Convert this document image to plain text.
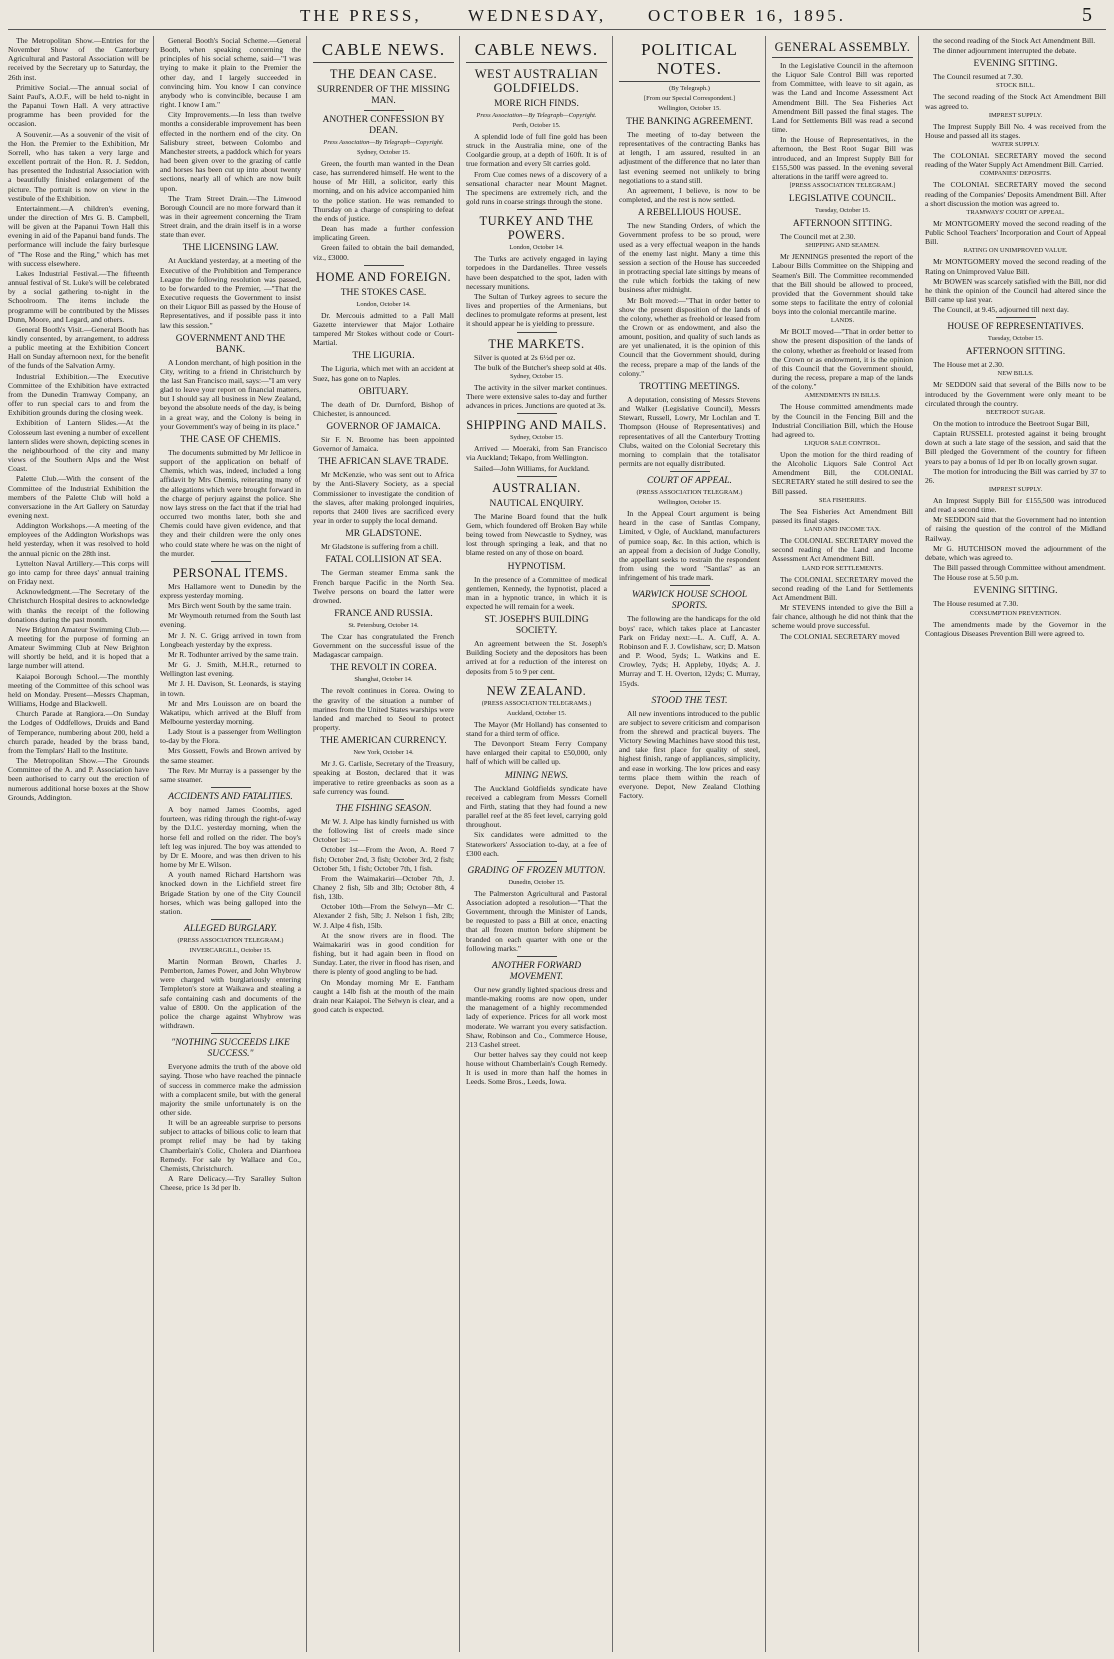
THE PRESS,	WEDNESDAY, OCTOBER 16, 1895.	5

The Metropolitan Show.—Entries for the November Show of the Canterbury Agricultural and Pastoral Association will be received by the Secretary up to Saturday, the 26th inst.

Primitive Social.—The annual social of Saint Paul's, A.O.F., will be held to-night in the Papanui Town Hall. A very attractive programme has been provided for the occasion.

A Souvenir.—As a souvenir of the visit of the Hon. the Premier to the Exhibition, Mr Sorrell, who has taken a very large and excellent portrait of the Hon. R. J. Seddon, has presented the Industrial Association with a beautifully finished enlargement of the picture. The portrait is now on view in the vestibule of the Exhibition.

Entertainment.—A children's evening, under the direction of Mrs G. B. Campbell, will be given at the Papanui Town Hall this evening in aid of the Papanui band funds. The performance will include the fairy burlesque of "The Rose and the Ring," which has met with success elsewhere.

Lakes Industrial Festival.—The fifteenth annual festival of St. Luke's will be celebrated by a social gathering to-night in the Schoolroom. The items include the programme will be contributed by the Misses Dunn, Moore, and Legard, and others.

General Booth's Visit.—General Booth has kindly consented, by arrangement, to address a public meeting at the Exhibition Concert Hall on Sunday afternoon next, for the benefit of the funds of the Salvation Army.

Industrial Exhibition.—The Executive Committee of the Exhibition have extracted from the Dunedin Tramway Company, an offer to run special cars to and from the Exhibition grounds during the closing week.

Exhibition of Lantern Slides.—At the Colosseum last evening a number of excellent lantern slides were shown, depicting scenes in the neighbourhood of the city and many views of the Southern Alps and the West Coast.

Palette Club.—With the consent of the Committee of the Industrial Exhibition the members of the Palette Club will hold a conversazione in the Art Gallery on Saturday evening next.

Addington Workshops.—A meeting of the employees of the Addington Workshops was held yesterday, when it was resolved to hold the annual picnic on the 28th inst.

Lyttelton Naval Artillery.—This corps will go into camp for three days' annual training on Friday next.

Acknowledgment.—The Secretary of the Christchurch Hospital desires to acknowledge with thanks the receipt of the following donations during the past month.

New Brighton Amateur Swimming Club.—A meeting for the purpose of forming an Amateur Swimming Club at New Brighton will shortly be held, and it is hoped that a large number will attend.

Kaiapoi Borough School.—The monthly meeting of the Committee of this school was held on Monday. Present—Messrs Chapman, Williams, Hodge and Blackwell.

Church Parade at Rangiora.—On Sunday the Lodges of Oddfellows, Druids and Band of Temperance, numbering about 200, held a church parade, headed by the brass band, from the Templars' Hall to the Institute.

The Metropolitan Show.—The Grounds Committee of the A. and P. Association have been authorised to carry out the erection of numerous additional horse boxes at the Show Grounds, Addington.

General Booth's Social Scheme.—General Booth, when speaking concerning the principles of his social scheme, said—"I was trying to make it plain to the Premier the other day, and I largely succeeded in convincing him. You know I can convince anybody who is convincible, because I am right. I know I am."

City Improvements.—In less than twelve months a considerable improvement has been effected in the northern end of the city. On Salisbury street, between Colombo and Manchester streets, a paddock which for years had been given over to the grazing of cattle and horses has been cut up into about twenty sections, nearly all of which are now built upon.

The Tram Street Drain.—The Linwood Borough Council are no more forward than it was in their agreement concerning the Tram Street drain, and the drain itself is in a worse state than ever.

THE LICENSING LAW.

At Auckland yesterday, at a meeting of the Executive of the Prohibition and Temperance League the following resolution was passed, to be forwarded to the Premier, —"That the Executive requests the Government to insist on their Liquor Bill as passed by the House of Representatives, and if possible pass it into law this session."

GOVERNMENT AND THE BANK.

A London merchant, of high position in the City, writing to a friend in Christchurch by the last San Francisco mail, says:—"I am very glad to leave your report on financial matters, but I should say all business in New Zealand, beyond the absolute needs of the day, is being in a great way, and the Colony is being in your Government's way of being in its place."

THE CASE OF CHEMIS.

The documents submitted by Mr Jellicoe in support of the application on behalf of Chemis, which was, indeed, included a long affidavit by Mrs Chemis, reiterating many of the allegations which were brought forward in the charge of perjury against the police. She now lays stress on the fact that if the trial had occurred two months later, both she and Chemis could have given evidence, and that they and their children were the only ones who could state where he was on the night of the murder.

PERSONAL ITEMS.

Mrs Hallamore went to Dunedin by the express yesterday morning.

Mrs Birch went South by the same train.

Mr Weymouth returned from the South last evening.

Mr J. N. C. Grigg arrived in town from Longbeach yesterday by the express.

Mr R. Todhunter arrived by the same train.

Mr G. J. Smith, M.H.R., returned to Wellington last evening.

Mr J. H. Davison, St. Leonards, is staying in town.

Mr and Mrs Louisson are on board the Wakatipu, which arrived at the Bluff from Melbourne yesterday morning.

Lady Stout is a passenger from Wellington to-day by the Flora.

Mrs Gossett, Fowls and Brown arrived by the same steamer.

The Rev. Mr Murray is a passenger by the same steamer.

ACCIDENTS AND FATALITIES.

A boy named James Coombs, aged fourteen, was riding through the right-of-way by the D.I.C. yesterday morning, when the horse fell and rolled on the rider. The boy's left leg was injured. The boy was attended to by Dr E. Moore, and was then driven to his home by Mr E. Wilson.

A youth named Richard Hartshorn was knocked down in the Lichfield street fire Brigade Station by one of the City Council horses, which was being galloped into the station.

ALLEGED BURGLARY.
(PRESS ASSOCIATION TELEGRAM.)
INVERCARGILL, October 15.

Martin Norman Brown, Charles J. Pemberton, James Power, and John Whybrow were charged with burglariously entering Templeton's store at Waikawa and stealing a safe containing cash and documents of the value of £800. On the application of the police the charge against Whybrow was withdrawn.

"NOTHING SUCCEEDS LIKE SUCCESS."

Everyone admits the truth of the above old saying. Those who have reached the pinnacle of success in commerce make the admission with a complacent smile, but with the general majority the smile unfortunately is on the other side.

It will be an agreeable surprise to persons subject to attacks of bilious colic to learn that prompt relief may be had by taking Chamberlain's Colic, Cholera and Diarrhoea Remedy. For sale by Wallace and Co., Chemists, Christchurch.

A Rare Delicacy.—Try Saralley Sulton Cheese, price 1s 3d per lb.

CABLE NEWS.
THE DEAN CASE.
SURRENDER OF THE MISSING MAN.
ANOTHER CONFESSION BY DEAN.
Press Association—By Telegraph—Copyright.
Sydney, October 15.

Green, the fourth man wanted in the Dean case, has surrendered himself. He went to the house of Mr Hill, a solicitor, early this morning, and on his advice accompanied him to the police station. He was remanded to Thursday on a charge of conspiring to defeat the ends of justice.

Dean has made a further confession implicating Green.

Green failed to obtain the bail demanded, viz., £3000.

HOME AND FOREIGN.
THE STOKES CASE.
London, October 14.

Dr. Mercouis admitted to a Pall Mall Gazette interviewer that Major Lothaire tampered Mr Stokes without code or Court-Martial.

THE LIGURIA.

The Liguria, which met with an accident at Suez, has gone on to Naples.

OBITUARY.

The death of Dr. Durnford, Bishop of Chichester, is announced.

GOVERNOR OF JAMAICA.

Sir F. N. Broome has been appointed Governor of Jamaica.

THE AFRICAN SLAVE TRADE.

Mr McKenzie, who was sent out to Africa by the Anti-Slavery Society, as a special Commissioner to investigate the condition of the slaves, after making prolonged inquiries, reports that 2400 lives are sacrificed every year in order to supply the local demand.

MR GLADSTONE.

Mr Gladstone is suffering from a chill.

FATAL COLLISION AT SEA.

The German steamer Emma sank the French barque Pacific in the North Sea. Twelve persons on board the latter were drowned.

FRANCE AND RUSSIA.
St. Petersburg, October 14.

The Czar has congratulated the French Government on the successful issue of the Madagascar campaign.

THE REVOLT IN COREA.
Shanghai, October 14.

The revolt continues in Corea. Owing to the gravity of the situation a number of marines from the United States warships were landed and marched to Seoul to protect property.

THE AMERICAN CURRENCY.
New York, October 14.

Mr J. G. Carlisle, Secretary of the Treasury, speaking at Boston, declared that it was imperative to retire greenbacks as soon as a safe currency was found.

THE FISHING SEASON.

Mr W. J. Alpe has kindly furnished us with the following list of creels made since October 1st:—

October 1st—From the Avon, A. Reed 7 fish; October 2nd, 3 fish; October 3rd, 2 fish; October 5th, 1 fish; October 7th, 1 fish.

From the Waimakariri—October 7th, J. Chaney 2 fish, 5lb and 3lb; October 8th, 4 fish, 13lb.

October 10th—From the Selwyn—Mr C. Alexander 2 fish, 5lb; J. Nelson 1 fish, 2lb; W. J. Alpe 4 fish, 15lb.

At the snow rivers are in flood. The Waimakariri was in good condition for fishing, but it had again been in flood on Sunday. Later, the river in flood has risen, and there is plenty of good angling to be had.

On Monday morning Mr E. Fantham caught a 14lb fish at the mouth of the main drain near Kaiapoi. The Selwyn is clear, and a good catch is expected.

CABLE NEWS.
WEST AUSTRALIAN GOLDFIELDS.
MORE RICH FINDS.
Press Association—By Telegraph—Copyright.
Perth, October 15.

A splendid lode of full fine gold has been struck in the Australia mine, one of the Coolgardie group, at a depth of 160ft. It is of true formation and every 5lt carries gold.

From Cue comes news of a discovery of a sensational character near Mount Magnet. The specimens are extremely rich, and the gold runs in coarse strings through the stone.

TURKEY AND THE POWERS.
London, October 14.

The Turks are actively engaged in laying torpedoes in the Dardanelles. Three vessels have been despatched to the spot, laden with necessary munitions.

The Sultan of Turkey agrees to secure the lives and properties of the Armenians, but declines to promulgate reforms at present, lest it should appear he is yielding to pressure.

THE MARKETS.

Silver is quoted at 2s 6½d per oz.

The bulk of the Butcher's sheep sold at 40s.

Sydney, October 15.

The activity in the silver market continues. There were extensive sales to-day and further advances in prices. Junctions are quoted at 3s.

SHIPPING AND MAILS.
Sydney, October 15.

Arrived — Moeraki, from San Francisco via Auckland; Tekapo, from Wellington.

Sailed—John Williams, for Auckland.

AUSTRALIAN.
NAUTICAL ENQUIRY.

The Marine Board found that the hulk Gem, which foundered off Broken Bay while being towed from Newcastle to Sydney, was lost through springing a leak, and that no blame rested on any of those on board.

HYPNOTISM.

In the presence of a Committee of medical gentlemen, Kennedy, the hypnotist, placed a man in a hypnotic trance, in which it is expected he will remain for a week.

ST. JOSEPH'S BUILDING SOCIETY.

An agreement between the St. Joseph's Building Society and the depositors has been arrived at for a reduction of the interest on deposits from 5 to 9 per cent.

NEW ZEALAND.
(PRESS ASSOCIATION TELEGRAMS.)
Auckland, October 15.

The Mayor (Mr Holland) has consented to stand for a third term of office.

The Devonport Steam Ferry Company have enlarged their capital to £50,000, only half of which will be called up.

MINING NEWS.

The Auckland Goldfields syndicate have received a cablegram from Messrs Cornell and Firth, stating that they had found a new parallel reef at the 85 feet level, carrying gold throughout.

Six candidates were admitted to the Stateworkers' Association to-day, at a fee of £300 each.

GRADING OF FROZEN MUTTON.
Dunedin, October 15.

The Palmerston Agricultural and Pastoral Association adopted a resolution—"That the Government, through the Minister of Lands, be requested to pass a Bill at once, enacting that all frozen mutton before shipment be branded on each quarter with one or the following marks."

ANOTHER FORWARD MOVEMENT.

Our new grandly lighted spacious dress and mantle-making rooms are now open, under the management of a highly recommended lady of experience. Prices for all work most moderate. We warrant you every satisfaction. Shaw, Robinson and Co., Commerce House, 213 Cashel street.

Our better halves say they could not keep house without Chamberlain's Cough Remedy. It is used in more than half the homes in Leeds. Some Bros., Leeds, Iowa.

POLITICAL NOTES.
(By Telegraph.)
[From our Special Correspondent.]
Wellington, October 15.
THE BANKING AGREEMENT.

The meeting of to-day between the representatives of the contracting Banks has at length, I am assured, resulted in an adjustment of the difference that no later than last evening seemed not unlikely to bring negotiations to a stand still.

An agreement, I believe, is now to be completed, and the rest is now settled.

A REBELLIOUS HOUSE.

The new Standing Orders, of which the Government profess to be so proud, were used as a very effectual weapon in the hands of the enemy last night. Many a time this session a section of the House has succeeded in protracting special late sittings by means of the rule which forbids the taking of new business after midnight.

Mr Bolt moved:—"That in order better to show the present disposition of the lands of the colony, whether as freehold or leased from the Crown or as endowment, and also the amount, position, and quality of such lands as are yet unalienated, it is the opinion of this Council that the Government should, during the recess, prepare a map of the lands of the colony."

TROTTING MEETINGS.

A deputation, consisting of Messrs Stevens and Walker (Legislative Council), Messrs Stewart, Russell, Lowry, Mr Lochlan and T. Thompson (House of Representatives) and representatives of all the Canterbury Trotting Clubs, waited on the Colonial Secretary this morning to complain that the totalisator permits are not equally distributed.

COURT OF APPEAL.
(PRESS ASSOCIATION TELEGRAM.)
Wellington, October 15.

In the Appeal Court argument is being heard in the case of Santlas Company, Limited, v Ogle, of Auckland, manufacturers of pumice soap, &c. In this action, which is an appeal from a decision of Judge Conolly, the appellant seeks to restrain the respondent from using the word "Santlas" as an infringement of his trade mark.

WARWICK HOUSE SCHOOL SPORTS.

The following are the handicaps for the old boys' race, which takes place at Lancaster Park on Friday next:—L. A. Cuff, A. A. Robinson and F. J. Cowlishaw, scr; D. Matson and P. Wood, 5yds; L. Watkins and E. Crowley, 7yds; H. Appleby, 10yds; A. J. Murray and T. H. Overton, 12yds; C. Murray, 15yds.

STOOD THE TEST.

All new inventions introduced to the public are subject to severe criticism and comparison from the shrewd and practical buyers. The Victory Sewing Machines have stood this test, and take first place for quality of steel, highest finish, range of appliances, simplicity, and ease in working. The low prices and easy terms place them within the reach of everyone. Depot, New Zealand Clothing Factory.

GENERAL ASSEMBLY.

In the Legislative Council in the afternoon the Liquor Sale Control Bill was reported from Committee, with leave to sit again, as was the Land and Income Assessment Act Amendment Bill. The Sea Fisheries Act Amendment Bill passed the final stages. The Land for Settlements Bill was read a second time.

In the House of Representatives, in the afternoon, the Best Root Sugar Bill was introduced, and an Imprest Supply Bill for £155,500 was passed. In the evening several alterations in the tariff were agreed to.

[PRESS ASSOCIATION TELEGRAM.]
LEGISLATIVE COUNCIL.
Tuesday, October 15.
AFTERNOON SITTING.

The Council met at 2.30.

SHIPPING AND SEAMEN.

Mr JENNINGS presented the report of the Labour Bills Committee on the Shipping and Seamen's Bill. The Committee recommended that the Bill should be allowed to proceed, provided that the Government should take some steps to facilitate the entry of colonial boys into the colonial mercantile marine.

LANDS.

Mr BOLT moved—"That in order better to show the present disposition of the lands of the colony, whether as freehold or leased from the Crown or as endowment, it is the opinion of this Council that the Government should, during the recess, prepare a map of the lands of the colony."

AMENDMENTS IN BILLS.

The House committed amendments made by the Council in the Fencing Bill and the Industrial Conciliation Bill, which the House had agreed to.

LIQUOR SALE CONTROL.

Upon the motion for the third reading of the Alcoholic Liquors Sale Control Act Amendment Bill, the COLONIAL SECRETARY stated he still desired to see the Bill passed.

SEA FISHERIES.

The Sea Fisheries Act Amendment Bill passed its final stages.

LAND AND INCOME TAX.

The COLONIAL SECRETARY moved the second reading of the Land and Income Assessment Act Amendment Bill.

LAND FOR SETTLEMENTS.

The COLONIAL SECRETARY moved the second reading of the Land for Settlements Act Amendment Bill.

Mr STEVENS intended to give the Bill a fair chance, although he did not think that the scheme would prove successful.

The COLONIAL SECRETARY moved

the second reading of the Stock Act Amendment Bill.

The dinner adjournment interrupted the debate.

EVENING SITTING.

The Council resumed at 7.30.

STOCK BILL.

The second reading of the Stock Act Amendment Bill was agreed to.

IMPREST SUPPLY.

The Imprest Supply Bill No. 4 was received from the House and passed all its stages.

WATER SUPPLY.

The COLONIAL SECRETARY moved the second reading of the Water Supply Act Amendment Bill. Carried.

COMPANIES' DEPOSITS.

The COLONIAL SECRETARY moved the second reading of the Companies' Deposits Amendment Bill. After a short discussion the motion was agreed to.

TRAMWAYS' COURT OF APPEAL.

Mr MONTGOMERY moved the second reading of the Public School Teachers' Incorporation and Court of Appeal Bill.

RATING ON UNIMPROVED VALUE.

Mr MONTGOMERY moved the second reading of the Rating on Unimproved Value Bill.

Mr BOWEN was scarcely satisfied with the Bill, nor did he think the opinion of the Council had altered since the Bill came up last year.

The Council, at 9.45, adjourned till next day.

HOUSE OF REPRESENTATIVES.
Tuesday, October 15.
AFTERNOON SITTING.

The House met at 2.30.

NEW BILLS.

Mr SEDDON said that several of the Bills now to be introduced by the Government were only meant to be circulated through the country.

BEETROOT SUGAR.

On the motion to introduce the Beetroot Sugar Bill,

Captain RUSSELL protested against it being brought down at such a late stage of the session, and said that the Bill pledged the Government of the country for fifteen years to pay a bonus of 1d per lb on locally grown sugar.

The motion for introducing the Bill was carried by 37 to 26.

IMPREST SUPPLY.

An Imprest Supply Bill for £155,500 was introduced and read a second time.

Mr SEDDON said that the Government had no intention of raising the question of the control of the Midland Railway.

Mr G. HUTCHISON moved the adjournment of the debate, which was agreed to.

The Bill passed through Committee without amendment.

The House rose at 5.50 p.m.

EVENING SITTING.

The House resumed at 7.30.

CONSUMPTION PREVENTION.

The amendments made by the Governor in the Contagious Diseases Prevention Bill were agreed to.
